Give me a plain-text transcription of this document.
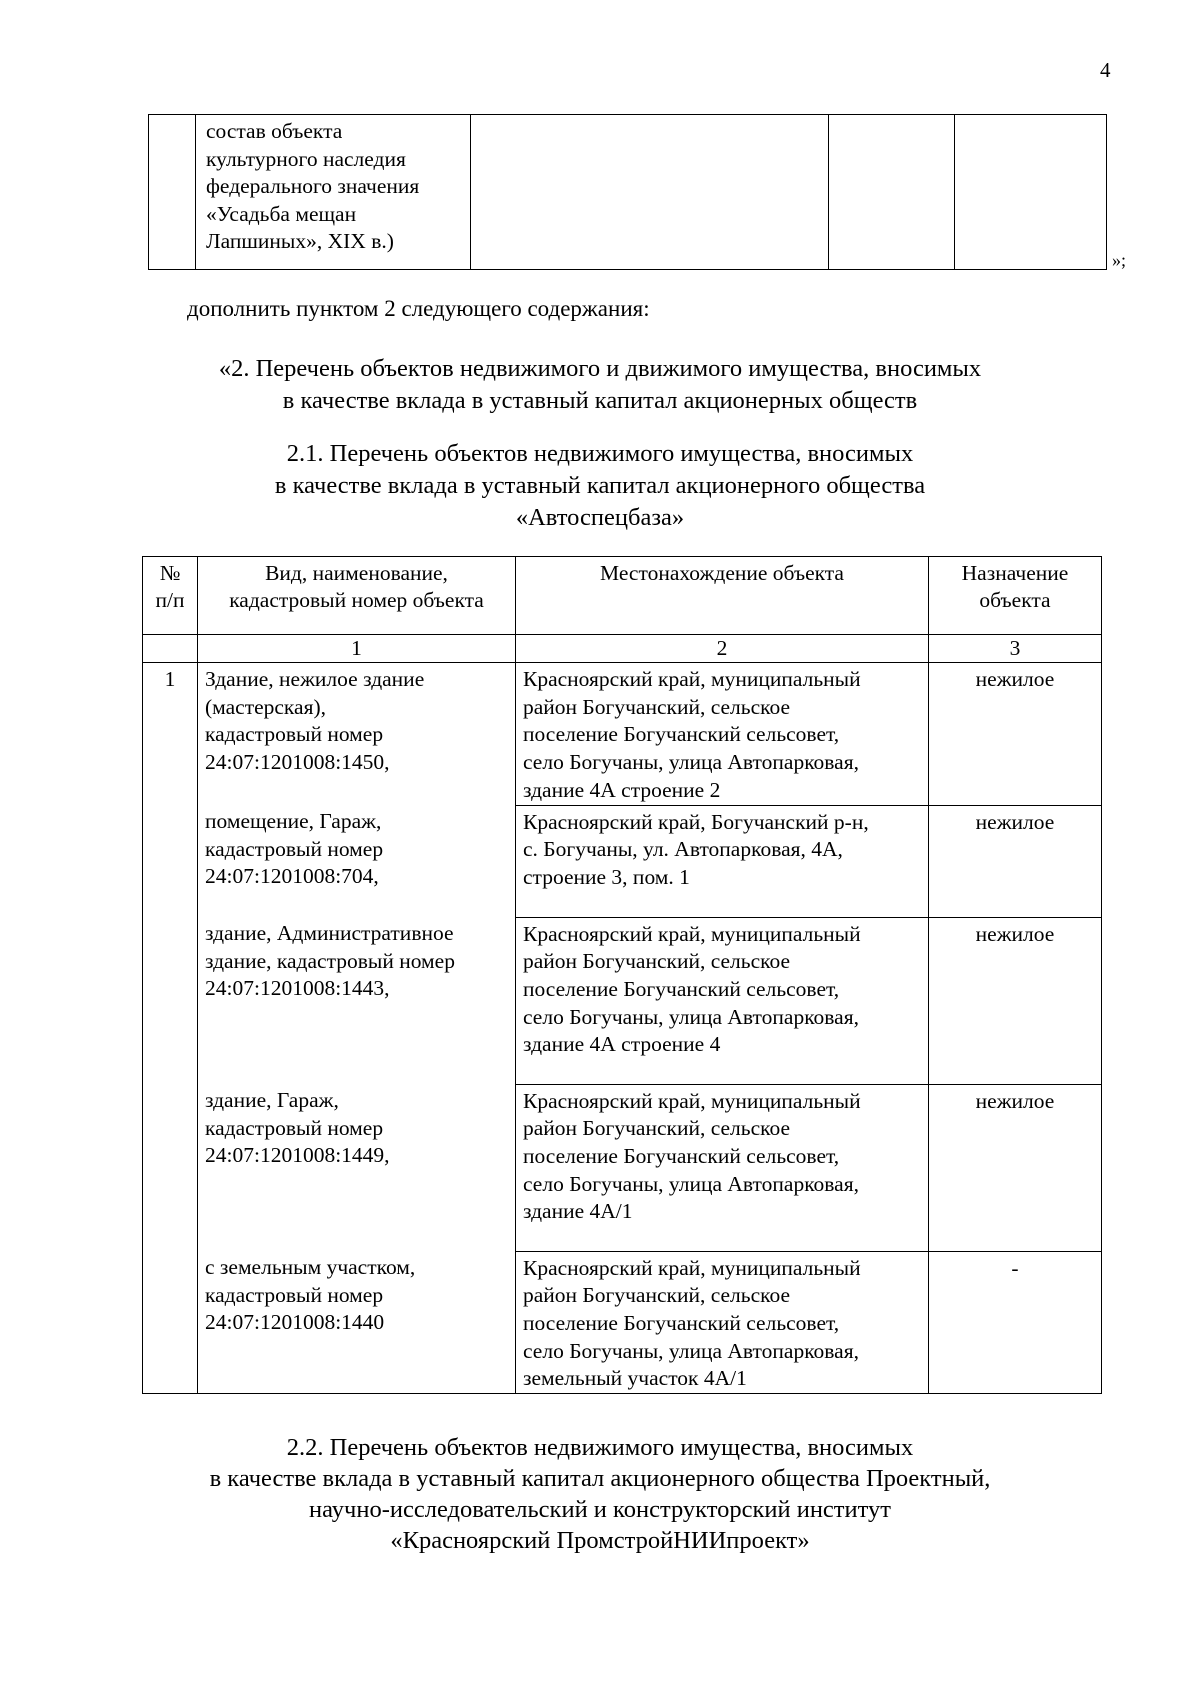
4

состав объекта
культурного наследия
федерального значения
«Усадьба мещан
Лапшиных», XIX в.)

»;
дополнить пунктом 2 следующего содержания:
«2. Перечень объектов недвижимого и движимого имущества, вносимых
в качестве вклада в уставный капитал акционерных обществ
2.1. Перечень объектов недвижимого имущества, вносимых
в качестве вклада в уставный капитал акционерного общества
«Автоспецбаза»
№
п/п	Вид, наименование,
кадастровый номер объекта	Местонахождение объекта	Назначение
объекта

	1	2	3
1	Здание, нежилое здание
(мастерская),
кадастровый номер
24:07:1201008:1450,	Красноярский край, муниципальный
район Богучанский, сельское
поселение Богучанский сельсовет,
село Богучаны, улица Автопарковая,
здание 4А строение 2	нежилое
	помещение, Гараж,
кадастровый номер
24:07:1201008:704,	Красноярский край, Богучанский р-н,
с. Богучаны, ул. Автопарковая, 4А,
строение 3, пом. 1	нежилое
	здание, Административное
здание, кадастровый номер
24:07:1201008:1443,	Красноярский край, муниципальный
район Богучанский, сельское
поселение Богучанский сельсовет,
село Богучаны, улица Автопарковая,
здание 4А строение 4	нежилое
	здание, Гараж,
кадастровый номер
24:07:1201008:1449,	Красноярский край, муниципальный
район Богучанский, сельское
поселение Богучанский сельсовет,
село Богучаны, улица Автопарковая,
здание 4А/1	нежилое
	с земельным участком,
кадастровый номер
24:07:1201008:1440	Красноярский край, муниципальный
район Богучанский, сельское
поселение Богучанский сельсовет,
село Богучаны, улица Автопарковая,
земельный участок 4А/1	-
2.2. Перечень объектов недвижимого имущества, вносимых
в качестве вклада в уставный капитал акционерного общества Проектный,
научно-исследовательский и конструкторский институт
«Красноярский ПромстройНИИпроект»
